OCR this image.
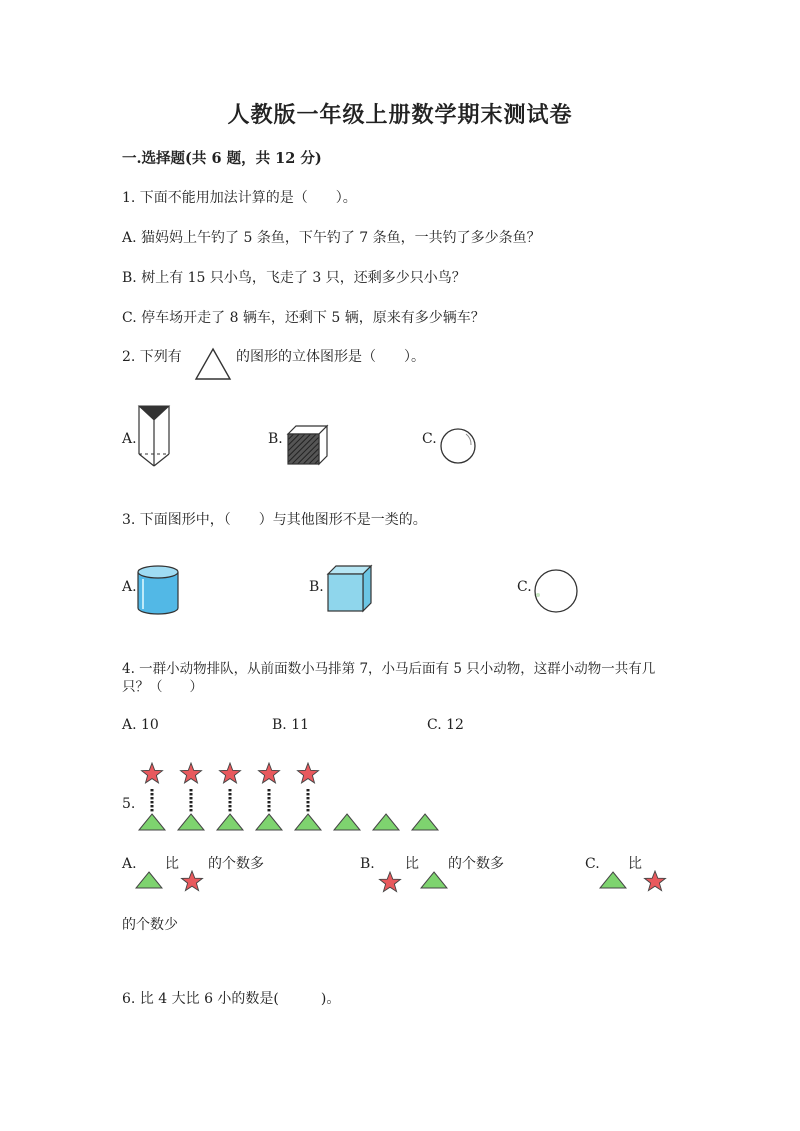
人教版一年级上册数学期末测试卷
一.选择题(共 6 题，共 12 分)
1. 下面不能用加法计算的是（　　）。
A. 猫妈妈上午钓了 5 条鱼，下午钓了 7 条鱼，一共钓了多少条鱼？
B. 树上有 15 只小鸟，飞走了 3 只，还剩多少只小鸟？
C. 停车场开走了 8 辆车，还剩下 5 辆，原来有多少辆车？
2. 下列有	的图形的立体图形是（　　）。
A.	B.	C.
3. 下面图形中，（　　）与其他图形不是一类的。
A.	B.	C.
4. 一群小动物排队，从前面数小马排第 7，小马后面有 5 只小动物，这群小动物一共有几
只？（　　）
A. 10	B. 11	C. 12
5.
A. 比 的个数多	B. 比 的个数多	C. 比
的个数少
6. 比 4 大比 6 小的数是(　　　)。
